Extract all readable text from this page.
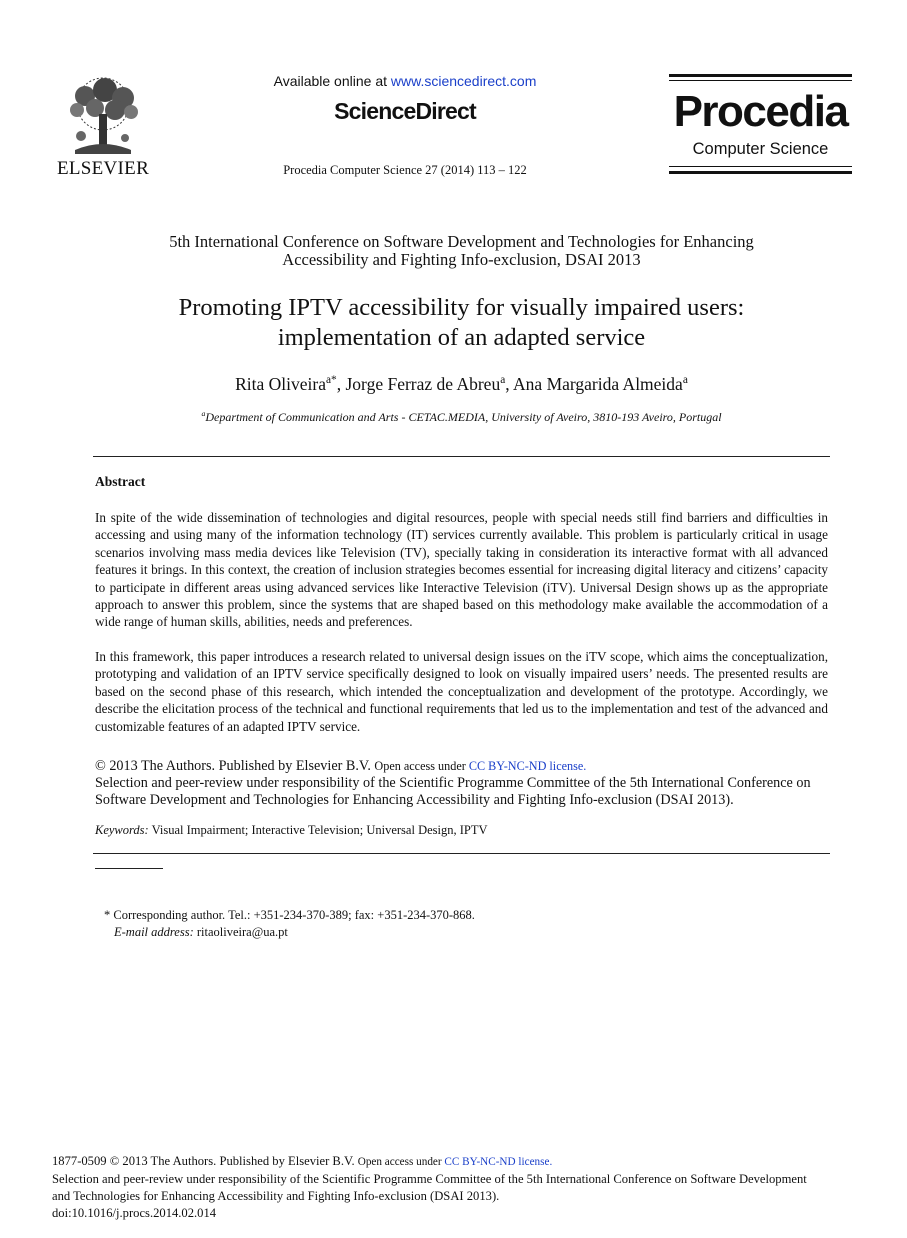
ELSEVIER
Available online at www.sciencedirect.com
ScienceDirect
Procedia Computer Science 27 (2014) 113 – 122
Procedia
Computer Science
5th International Conference on Software Development and Technologies for Enhancing
Accessibility and Fighting Info-exclusion, DSAI 2013
Promoting IPTV accessibility for visually impaired users:
implementation of an adapted service
Rita Oliveira$^{a*}$, Jorge Ferraz de Abreu$^a$, Ana Margarida Almeida$^a$
$^a$Department of Communication and Arts - CETAC.MEDIA, University of Aveiro, 3810-193 Aveiro, Portugal
Abstract
In spite of the wide dissemination of technologies and digital resources, people with special needs still find barriers and difficulties in accessing and using many of the information technology (IT) services currently available. This problem is particularly critical in usage scenarios involving mass media devices like Television (TV), specially taking in consideration its interactive format with all advanced features it brings. In this context, the creation of inclusion strategies becomes essential for increasing digital literacy and citizens’ capacity to participate in different areas using advanced services like Interactive Television (iTV). Universal Design shows up as the appropriate approach to answer this problem, since the systems that are shaped based on this methodology make available the accommodation of a wide range of human skills, abilities, needs and preferences.
In this framework, this paper introduces a research related to universal design issues on the iTV scope, which aims the conceptualization, prototyping and validation of an IPTV service specifically designed to look on visually impaired users’ needs. The presented results are based on the second phase of this research, which intended the conceptualization and development of the prototype. Accordingly, we describe the elicitation process of the technical and functional requirements that led us to the implementation and test of the advanced and customizable features of an adapted IPTV service.
© 2013 The Authors. Published by Elsevier B.V. Open access under CC BY-NC-ND license.
Selection and peer-review under responsibility of the Scientific Programme Committee of the 5th International Conference on Software Development and Technologies for Enhancing Accessibility and Fighting Info-exclusion (DSAI 2013).
Keywords: Visual Impairment; Interactive Television; Universal Design, IPTV
* Corresponding author. Tel.: +351-234-370-389; fax: +351-234-370-868.
E-mail address: ritaoliveira@ua.pt
1877-0509 © 2013 The Authors. Published by Elsevier B.V. Open access under CC BY-NC-ND license.
Selection and peer-review under responsibility of the Scientific Programme Committee of the 5th International Conference on Software Development
and Technologies for Enhancing Accessibility and Fighting Info-exclusion (DSAI 2013).
doi:10.1016/j.procs.2014.02.014
